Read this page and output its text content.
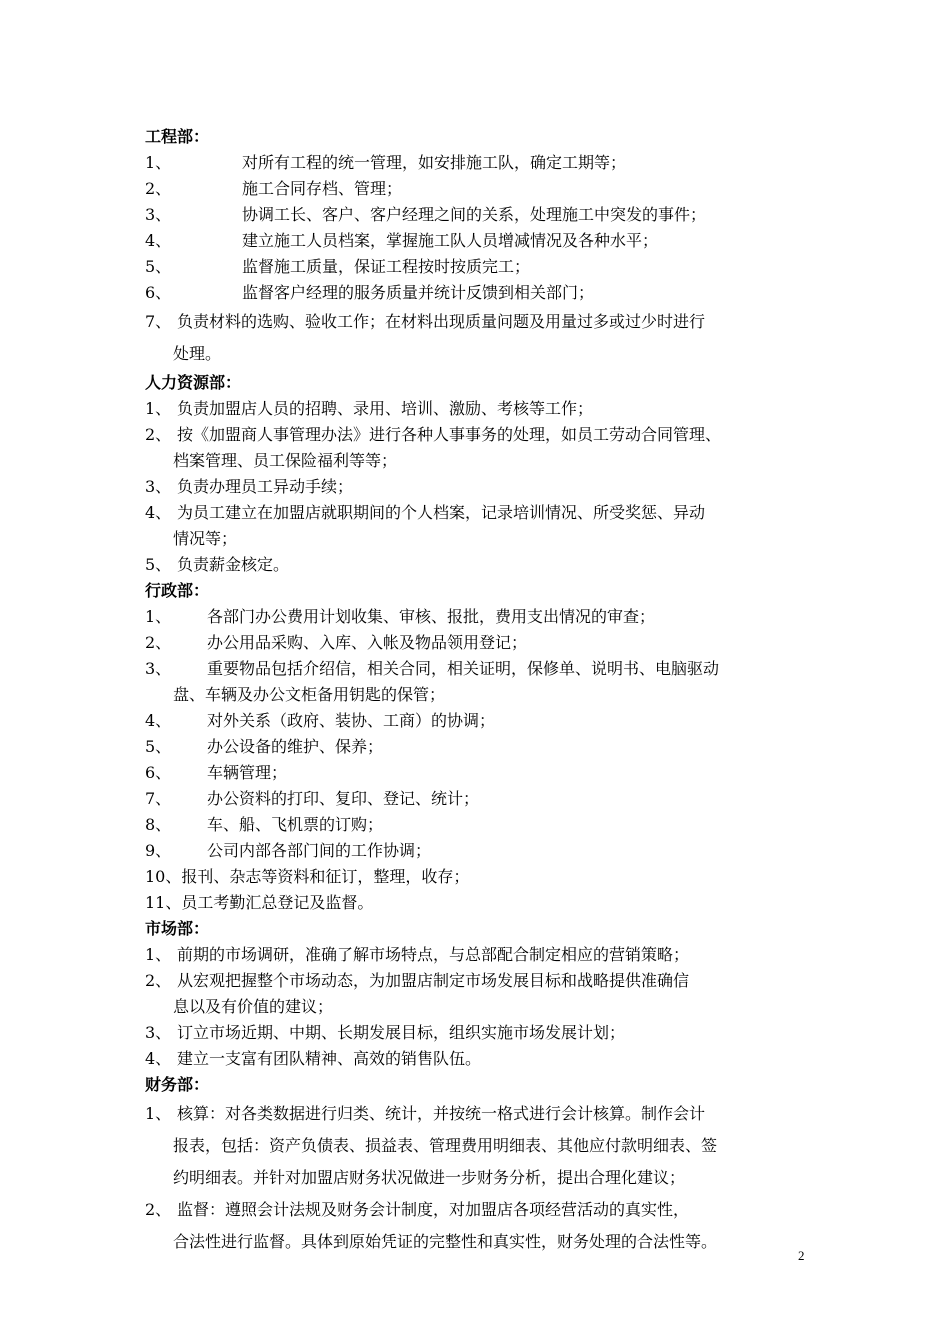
工程部：
1、	对所有工程的统一管理，如安排施工队，确定工期等；
2、	施工合同存档、管理；
3、	协调工长、客户、客户经理之间的关系，处理施工中突发的事件；
4、	建立施工人员档案，掌握施工队人员增减情况及各种水平；
5、	监督施工质量，保证工程按时按质完工；
6、	监督客户经理的服务质量并统计反馈到相关部门；
7、 负责材料的选购、验收工作；在材料出现质量问题及用量过多或过少时进行
处理。
人力资源部：
1、 负责加盟店人员的招聘、录用、培训、激励、考核等工作；
2、 按《加盟商人事管理办法》进行各种人事事务的处理，如员工劳动合同管理、
档案管理、员工保险福利等等；
3、 负责办理员工异动手续；
4、 为员工建立在加盟店就职期间的个人档案，记录培训情况、所受奖惩、异动
情况等；
5、 负责薪金核定。
行政部：
1、	各部门办公费用计划收集、审核、报批，费用支出情况的审查；
2、	办公用品采购、入库、入帐及物品领用登记；
3、	重要物品包括介绍信，相关合同，相关证明，保修单、说明书、电脑驱动
盘、车辆及办公文柜备用钥匙的保管；
4、	对外关系（政府、装协、工商）的协调；
5、	办公设备的维护、保养；
6、	车辆管理；
7、	办公资料的打印、复印、登记、统计；
8、	车、船、飞机票的订购；
9、	公司内部各部门间的工作协调；
10、 报刊、杂志等资料和征订，整理，收存；
11、 员工考勤汇总登记及监督。
市场部：
1、 前期的市场调研，准确了解市场特点，与总部配合制定相应的营销策略；
2、 从宏观把握整个市场动态，为加盟店制定市场发展目标和战略提供准确信
息以及有价值的建议；
3、 订立市场近期、中期、长期发展目标，组织实施市场发展计划；
4、 建立一支富有团队精神、高效的销售队伍。
财务部：
1、 核算：对各类数据进行归类、统计，并按统一格式进行会计核算。制作会计
报表，包括：资产负债表、损益表、管理费用明细表、其他应付款明细表、签
约明细表。并针对加盟店财务状况做进一步财务分析，提出合理化建议；
2、 监督：遵照会计法规及财务会计制度，对加盟店各项经营活动的真实性，
合法性进行监督。具体到原始凭证的完整性和真实性，财务处理的合法性等。
2
